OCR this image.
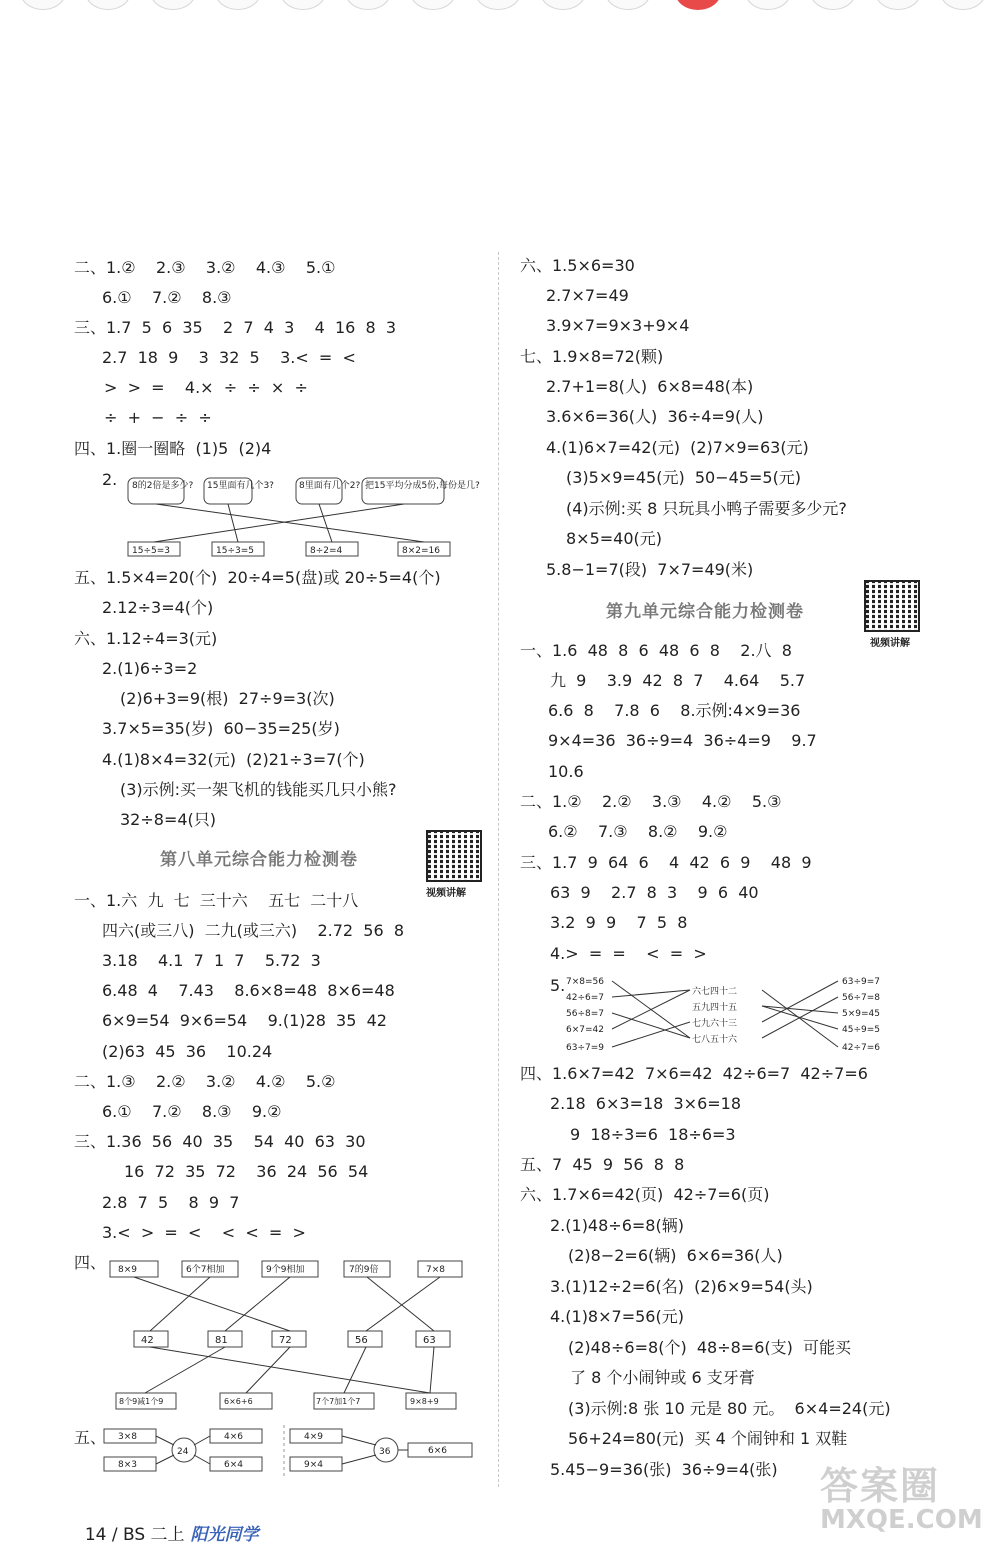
二、1.②    2.③    3.②    4.③    5.①
6.①    7.②    8.③
三、1.7  5  6  35    2  7  4  3    4  16  8  3
2.7  18  9    3  32  5    3.<  =  <
>  >  =    4.×  ÷  ÷  ×  ÷
÷  +  −  ÷  ÷
四、1.圈一圈略  (1)5  (2)4
2. 8的2倍是多少? 15里面有几个3?	8里面有几个2? 把15平均分成5份,每份是几?
15÷5=3	15÷3=5	8÷2=4	8×2=16
五、1.5×4=20(个)  20÷4=5(盘)或 20÷5=4(个)
2.12÷3=4(个)
六、1.12÷4=3(元)
2.(1)6÷3=2
(2)6+3=9(根)  27÷9=3(次)
3.7×5=35(岁)  60−35=25(岁)
4.(1)8×4=32(元)  (2)21÷3=7(个)
(3)示例:买一架飞机的钱能买几只小熊?
32÷8=4(只)
第八单元综合能力检测卷
视频讲解
一、1.六  九  七  三十六    五七  二十八
四六(或三八)  二九(或三六)    2.72  56  8
3.18    4.1  7  1  7    5.72  3
6.48  4    7.43    8.6×8=48  8×6=48
6×9=54  9×6=54    9.(1)28  35  42
(2)63  45  36    10.24
二、1.③    2.②    3.②    4.②    5.②
6.①    7.②    8.③    9.②
三、1.36  56  40  35    54  40  63  30
16  72  35  72    36  24  56  54
2.8  7  5    8  9  7
3.<  >  =  <    <  <  =  >
四、 8×9	6个7相加	9个9相加	7的9倍	7×8
42	81	72	56	63
8个9减1个9	6×6+6	7个7加1个7	9×8+9
五、 3×8	4×6
8×3	6×4
24
4×9
9×4
36	6×6
六、1.5×6=30
2.7×7=49
3.9×7=9×3+9×4
七、1.9×8=72(颗)
2.7+1=8(人)  6×8=48(本)
3.6×6=36(人)  36÷4=9(人)
4.(1)6×7=42(元)  (2)7×9=63(元)
(3)5×9=45(元)  50−45=5(元)
(4)示例:买 8 只玩具小鸭子需要多少元?
8×5=40(元)
5.8−1=7(段)  7×7=49(米)
第九单元综合能力检测卷
视频讲解
一、1.6  48  8  6  48  6  8    2.八  8
九  9    3.9  42  8  7    4.64    5.7
6.6  8    7.8  6    8.示例:4×9=36
9×4=36  36÷9=4  36÷4=9    9.7
10.6
二、1.②    2.②    3.③    4.②    5.③
6.②    7.③    8.②    9.②
三、1.7  9  64  6    4  42  6  9    48  9
63  9    2.7  8  3    9  6  40
3.2  9  9    7  5  8
4.>  =  =    <  =  >
5. 7×8=56
42÷6=7
56÷8=7
6×7=42
63÷7=9
六七四十二
五九四十五
七九六十三
七八五十六
63÷9=7
56÷7=8
5×9=45
45÷9=5
42÷7=6
四、1.6×7=42  7×6=42  42÷6=7  42÷7=6
2.18  6×3=18  3×6=18
9  18÷3=6  18÷6=3
五、7  45  9  56  8  8
六、1.7×6=42(页)  42÷7=6(页)
2.(1)48÷6=8(辆)
(2)8−2=6(辆)  6×6=36(人)
3.(1)12÷2=6(名)  (2)6×9=54(头)
4.(1)8×7=56(元)
(2)48÷6=8(个)  48÷8=6(支)  可能买
了 8 个小闹钟或 6 支牙膏
(3)示例:8 张 10 元是 80 元。  6×4=24(元)
56+24=80(元)  买 4 个闹钟和 1 双鞋
5.45−9=36(张)  36÷9=4(张)

14 / BS 二上 阳光同学

答案圈
MXQE.COM
